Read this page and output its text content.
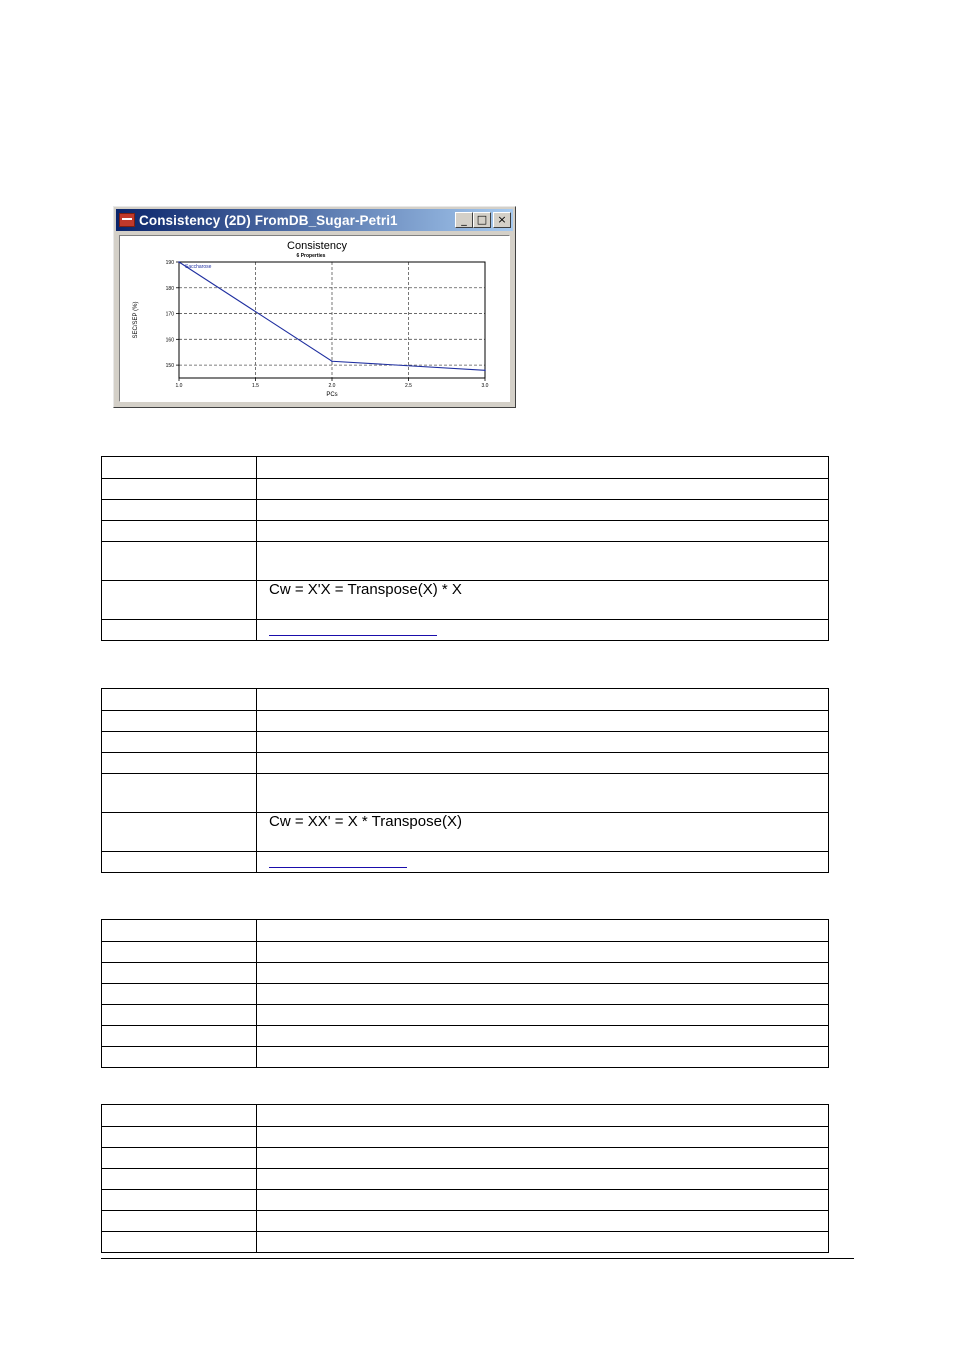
Consistency (2D) FromDB_Sugar-Petri1	_ □ ×
Consistency
6 Properties
1.0	1.5	2.0	2.5	3.0
150
160
170
180
190
Saccharose
PCs
SEC/SEP (%)

	Cw = X'X = Transpose(X) * X

	Cw = XX' = X * Transpose(X)
